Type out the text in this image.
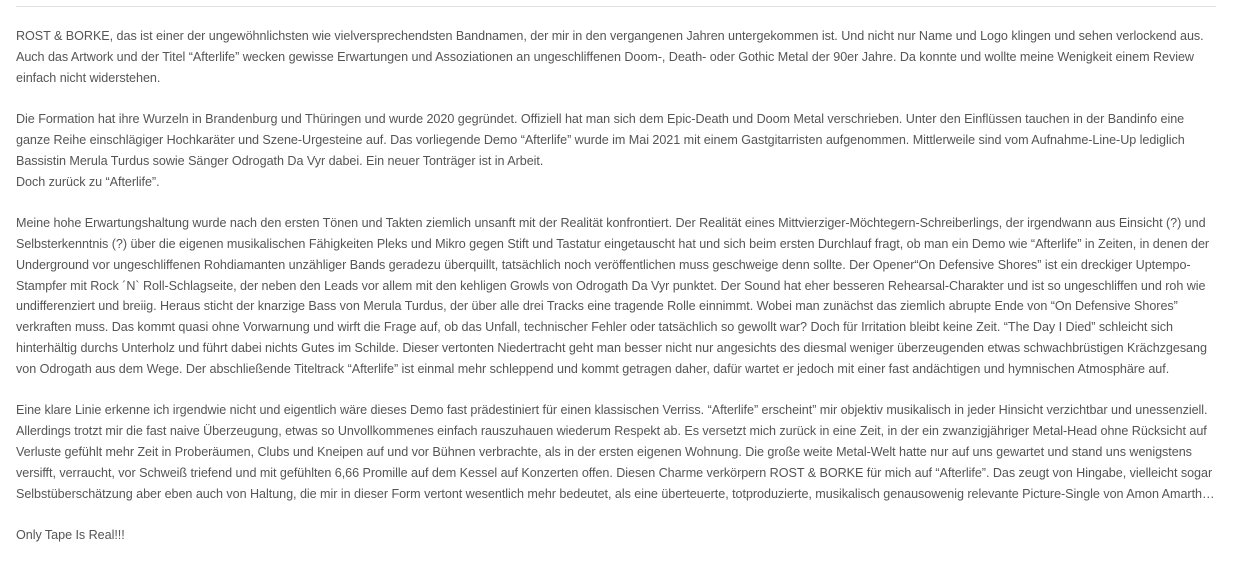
ROST & BORKE, das ist einer der ungewöhnlichsten wie vielversprechendsten Bandnamen, der mir in den vergangenen Jahren untergekommen ist. Und nicht nur Name und Logo klingen und sehen verlockend aus. Auch das Artwork und der Titel “Afterlife” wecken gewisse Erwartungen und Assoziationen an ungeschliffenen Doom-, Death- oder Gothic Metal der 90er Jahre. Da konnte und wollte meine Wenigkeit einem Review einfach nicht widerstehen.

Die Formation hat ihre Wurzeln in Brandenburg und Thüringen und wurde 2020 gegründet. Offiziell hat man sich dem Epic-Death und Doom Metal verschrieben. Unter den Einflüssen tauchen in der Bandinfo eine ganze Reihe einschlägiger Hochkaräter und Szene-Urgesteine auf. Das vorliegende Demo “Afterlife” wurde im Mai 2021 mit einem Gastgitarristen aufgenommen. Mittlerweile sind vom Aufnahme-Line-Up lediglich Bassistin Merula Turdus sowie Sänger Odrogath Da Vyr dabei. Ein neuer Tonträger ist in Arbeit.
Doch zurück zu “Afterlife”.

Meine hohe Erwartungshaltung wurde nach den ersten Tönen und Takten ziemlich unsanft mit der Realität konfrontiert. Der Realität eines Mittvierziger-Möchtegern-Schreiberlings, der irgendwann aus Einsicht (?) und Selbsterkenntnis (?) über die eigenen musikalischen Fähigkeiten Pleks und Mikro gegen Stift und Tastatur eingetauscht hat und sich beim ersten Durchlauf fragt, ob man ein Demo wie “Afterlife” in Zeiten, in denen der Underground vor ungeschliffenen Rohdiamanten unzähliger Bands geradezu überquillt, tatsächlich noch veröffentlichen muss geschweige denn sollte. Der Opener“On Defensive Shores” ist ein dreckiger Uptempo-Stampfer mit Rock ´N` Roll-Schlagseite, der neben den Leads vor allem mit den kehligen Growls von Odrogath Da Vyr punktet. Der Sound hat eher besseren Rehearsal-Charakter und ist so ungeschliffen und roh wie undifferenziert und breiig. Heraus sticht der knarzige Bass von Merula Turdus, der über alle drei Tracks eine tragende Rolle einnimmt. Wobei man zunächst das ziemlich abrupte Ende von “On Defensive Shores” verkraften muss. Das kommt quasi ohne Vorwarnung und wirft die Frage auf, ob das Unfall, technischer Fehler oder tatsächlich so gewollt war? Doch für Irritation bleibt keine Zeit. “The Day I Died” schleicht sich hinterhältig durchs Unterholz und führt dabei nichts Gutes im Schilde. Dieser vertonten Niedertracht geht man besser nicht nur angesichts des diesmal weniger überzeugenden etwas schwachbrüstigen Krächzgesang von Odrogath aus dem Wege. Der abschließende Titeltrack “Afterlife” ist einmal mehr schleppend und kommt getragen daher, dafür wartet er jedoch mit einer fast andächtigen und hymnischen Atmosphäre auf.

Eine klare Linie erkenne ich irgendwie nicht und eigentlich wäre dieses Demo fast prädestiniert für einen klassischen Verriss. “Afterlife” erscheint” mir objektiv musikalisch in jeder Hinsicht verzichtbar und unessenziell. Allerdings trotzt mir die fast naive Überzeugung, etwas so Unvollkommenes einfach rauszuhauen wiederum Respekt ab. Es versetzt mich zurück in eine Zeit, in der ein zwanzigjähriger Metal-Head ohne Rücksicht auf Verluste gefühlt mehr Zeit in Proberäumen, Clubs und Kneipen auf und vor Bühnen verbrachte, als in der ersten eigenen Wohnung. Die große weite Metal-Welt hatte nur auf uns gewartet und stand uns wenigstens versifft, verraucht, vor Schweiß triefend und mit gefühlten 6,66 Promille auf dem Kessel auf Konzerten offen. Diesen Charme verkörpern ROST & BORKE für mich auf “Afterlife”. Das zeugt von Hingabe, vielleicht sogar Selbstüberschätzung aber eben auch von Haltung, die mir in dieser Form vertont wesentlich mehr bedeutet, als eine überteuerte, totproduzierte, musikalisch genausowenig relevante Picture-Single von Amon Amarth…

Only Tape Is Real!!!
